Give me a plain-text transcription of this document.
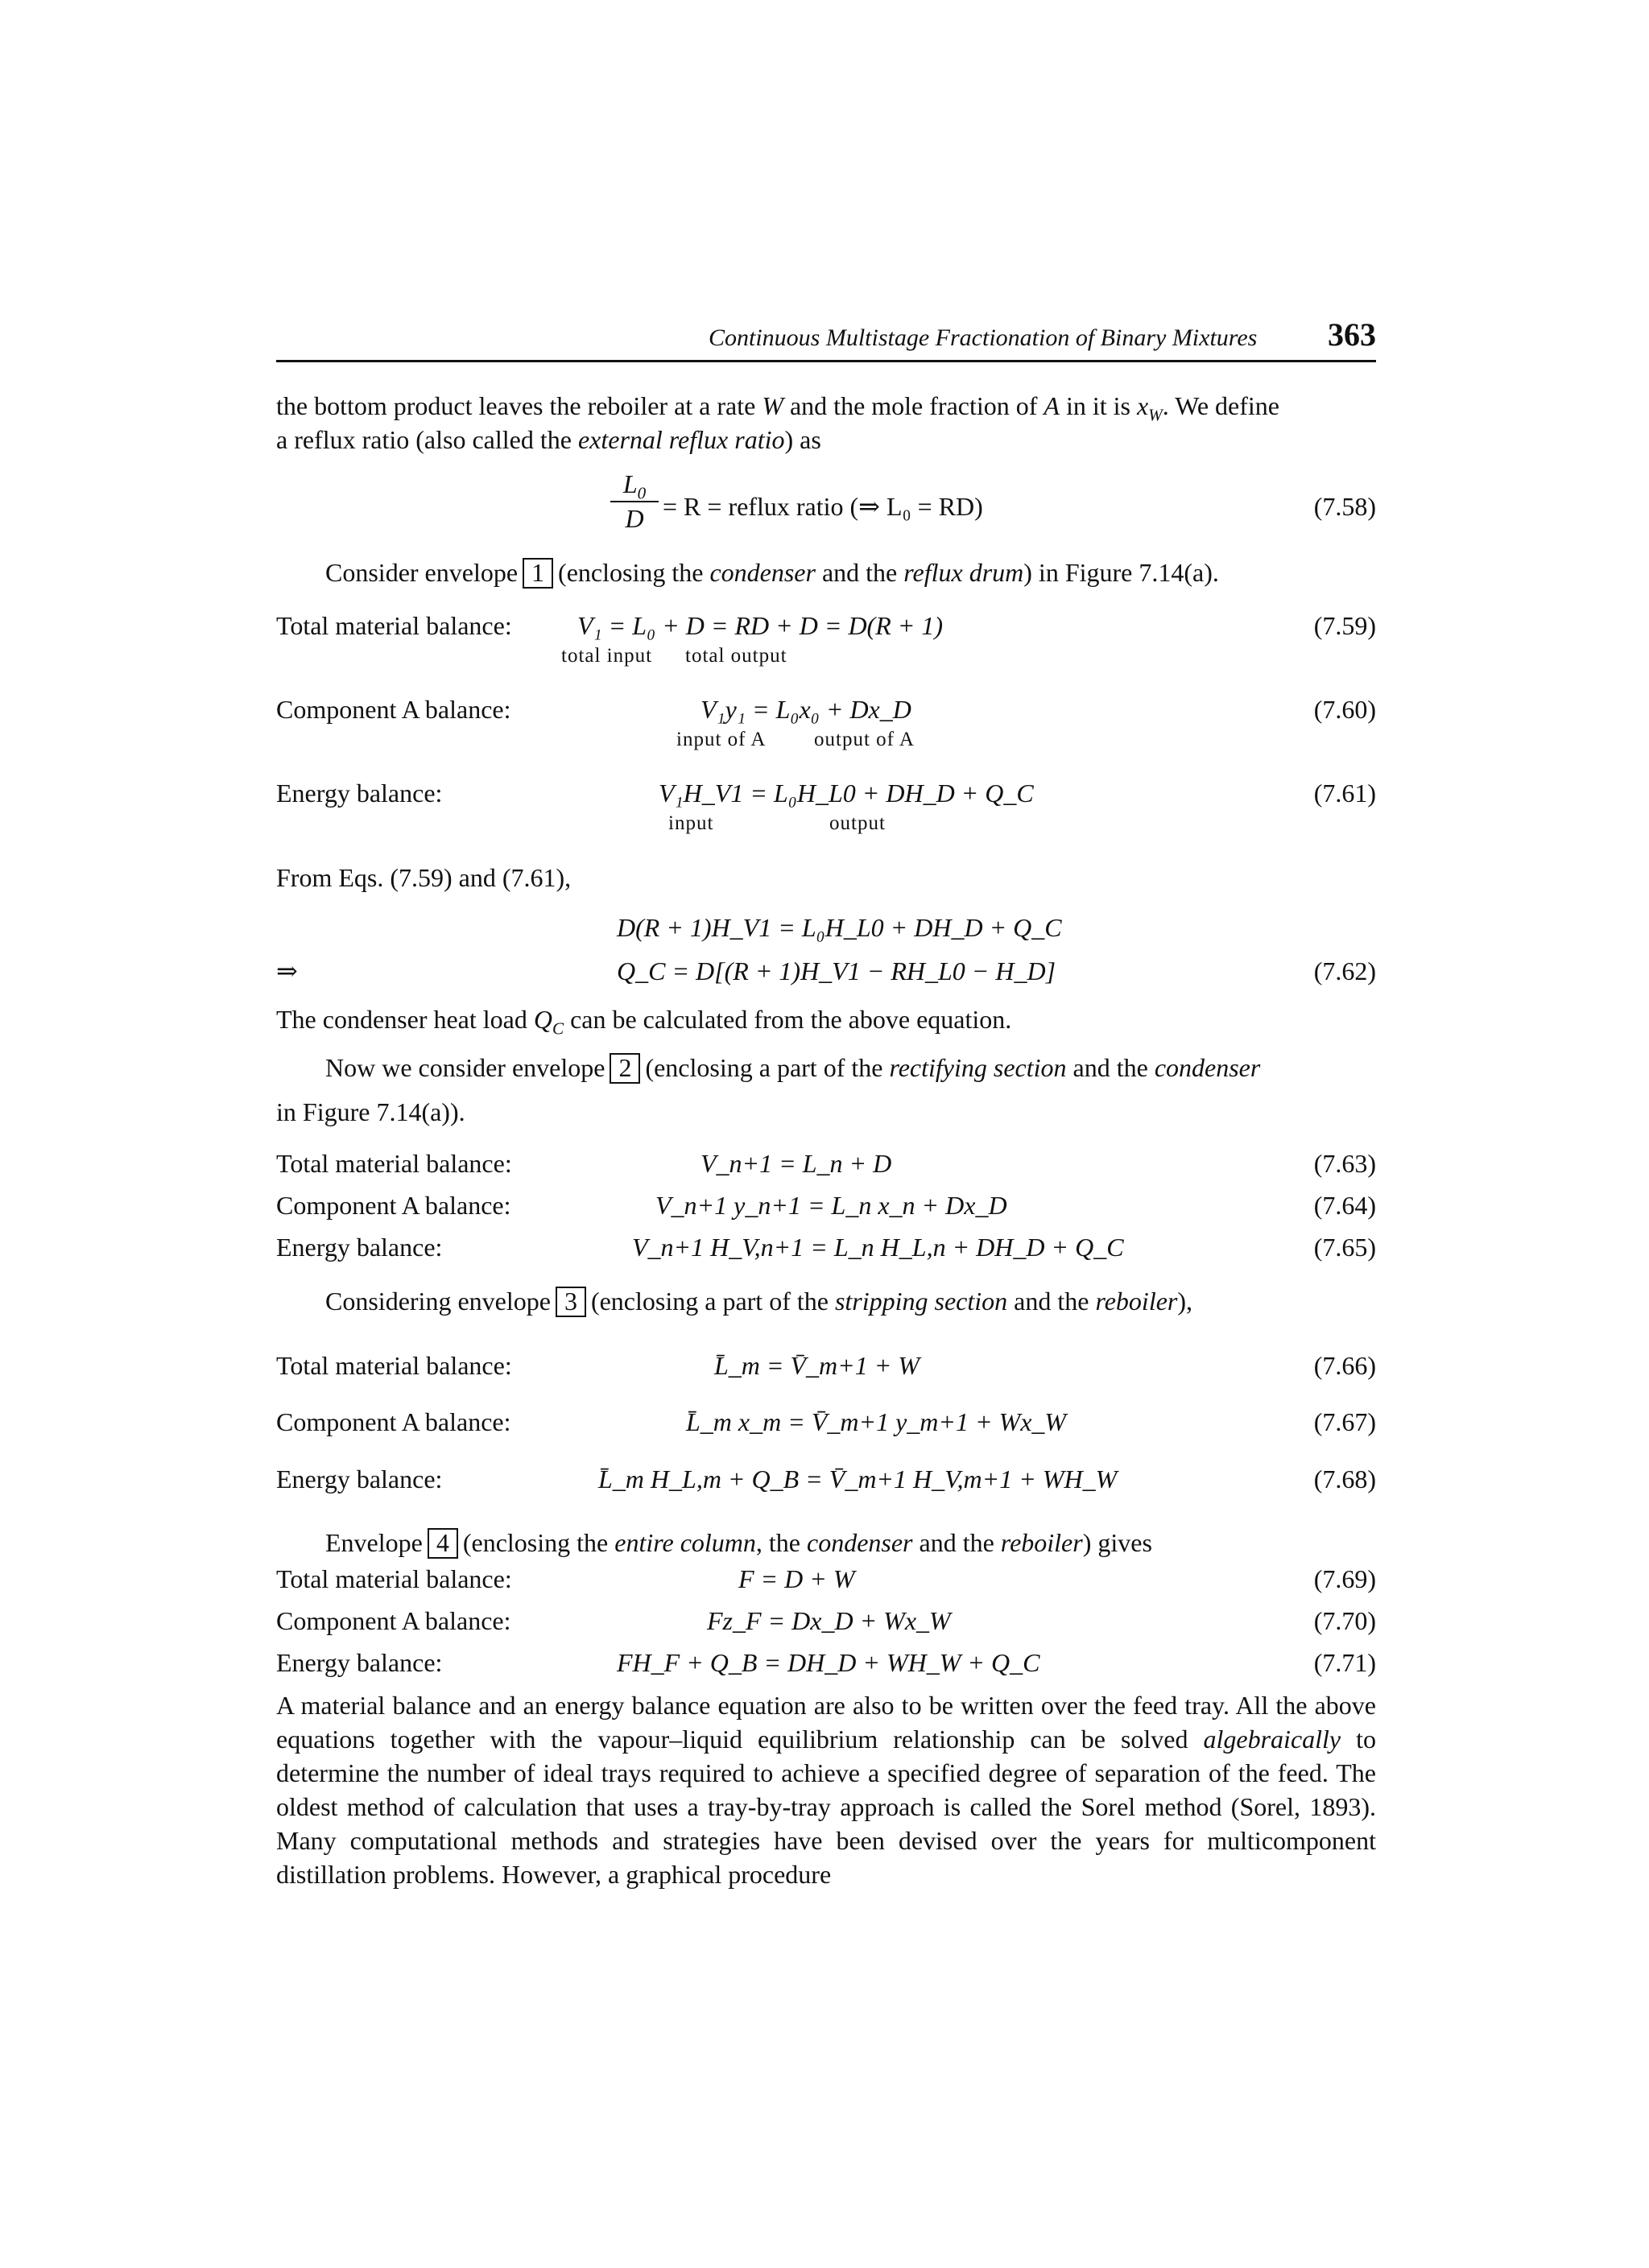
Continuous Multistage Fractionation of Binary Mixtures 363
the bottom product leaves the reboiler at a rate W and the mole fraction of A in it is $x_W$. We define
a reflux ratio (also called the external reflux ratio) as
$L_0$
D = R = reflux ratio (⇒ L₀ = RD)	(7.58)
Consider envelope 1 (enclosing the condenser and the reflux drum) in Figure 7.14(a).
Total material balance:	V₁ = L₀ + D = RD + D = D(R + 1)	(7.59)
total input total output
Component A balance:	V₁y₁ = L₀x₀ + Dx_D	(7.60)
input of A output of A
Energy balance:	V₁H_V1 = L₀H_L0 + DH_D + Q_C	(7.61)
input	output
From Eqs. (7.59) and (7.61),
D(R + 1)H_V1 = L₀H_L0 + DH_D + Q_C
⇒	Q_C = D[(R + 1)H_V1 − RH_L0 − H_D]	(7.62)
The condenser heat load $Q_C$ can be calculated from the above equation.
Now we consider envelope 2 (enclosing a part of the rectifying section and the condenser
in Figure 7.14(a)).
Total material balance:	V_n+1 = L_n + D	(7.63)
Component A balance:	V_n+1 y_n+1 = L_n x_n + Dx_D	(7.64)
Energy balance:	V_n+1 H_V,n+1 = L_n H_L,n + DH_D + Q_C	(7.65)
Considering envelope 3 (enclosing a part of the stripping section and the reboiler),
Total material balance:	L̄_m = V̄_m+1 + W	(7.66)
Component A balance:	L̄_m x_m = V̄_m+1 y_m+1 + Wx_W	(7.67)
Energy balance:	L̄_m H_L,m + Q_B = V̄_m+1 H_V,m+1 + WH_W	(7.68)
Envelope 4 (enclosing the entire column, the condenser and the reboiler) gives
Total material balance:	F = D + W	(7.69)
Component A balance:	Fz_F = Dx_D + Wx_W	(7.70)
Energy balance:	FH_F + Q_B = DH_D + WH_W + Q_C	(7.71)
A material balance and an energy balance equation are also to be written over the feed tray. All the above equations together with the vapour–liquid equilibrium relationship can be solved algebraically to determine the number of ideal trays required to achieve a specified degree of separation of the feed. The oldest method of calculation that uses a tray-by-tray approach is called the Sorel method (Sorel, 1893). Many computational methods and strategies have been devised over the years for multicomponent distillation problems. However, a graphical procedure
